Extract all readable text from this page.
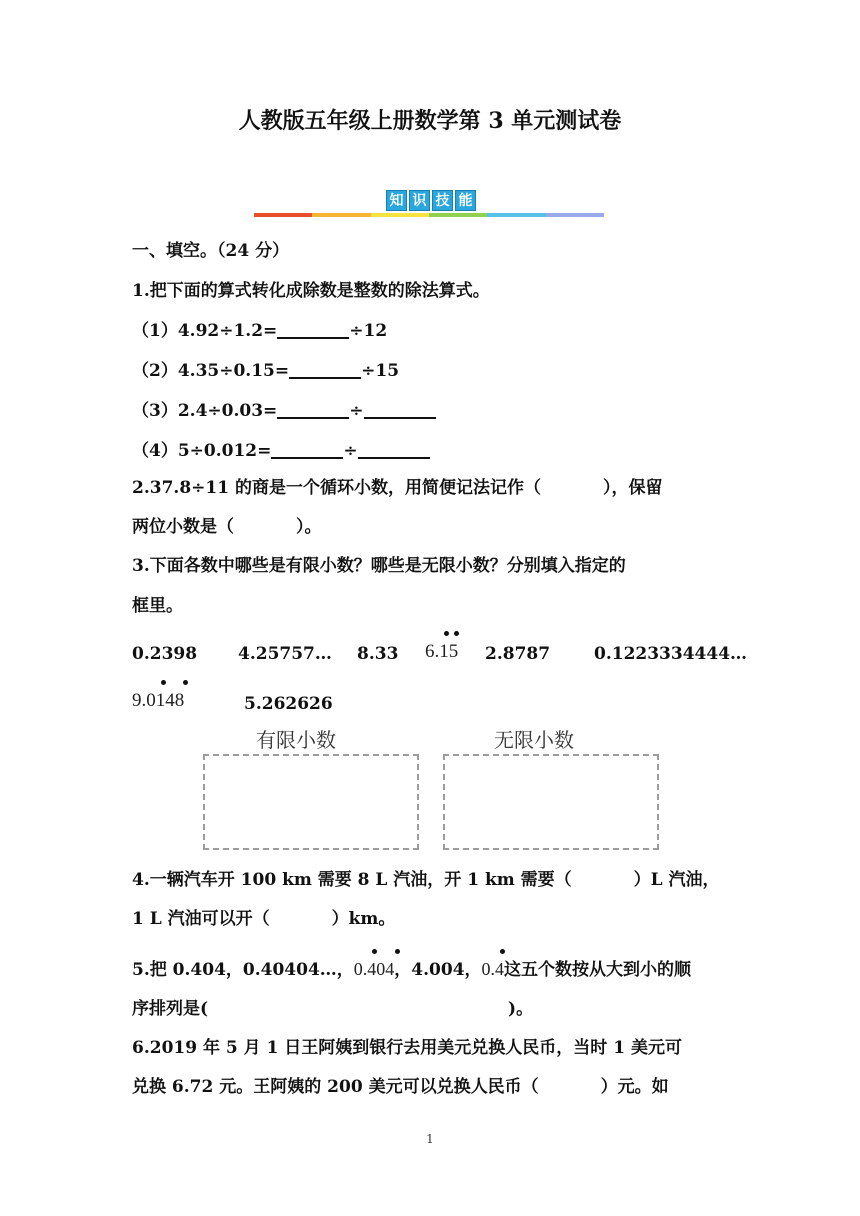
人教版五年级上册数学第 3 单元测试卷
知 识 技 能
一、填空。（24 分）
1.把下面的算式转化成除数是整数的除法算式。
（1）4.92÷1.2=	÷12
（2）4.35÷0.15=	÷15
（3）2.4÷0.03=	÷
（4）5÷0.012=	÷
2.37.8÷11 的商是一个循环小数，用简便记法记作（	），保留
两位小数是（	）。
3.下面各数中哪些是有限小数？哪些是无限小数？分别填入指定的
框里。
0.2398 4.25757… 8.33 6.15 2.8787	0.1223334444…
9.0148	5.262626
有限小数	无限小数
4.一辆汽车开 100 km 需要 8 L 汽油，开 1 km 需要（	）L 汽油，
1 L 汽油可以开（	）km。
5.把 0.404，0.40404…，0.404
，4.004，0.4
这五个数按从大到小的顺
序排列是(	)。
6.2019 年 5 月 1 日王阿姨到银行去用美元兑换人民币，当时 1 美元可
兑换 6.72 元。王阿姨的 200 美元可以兑换人民币（	）元。如
1
